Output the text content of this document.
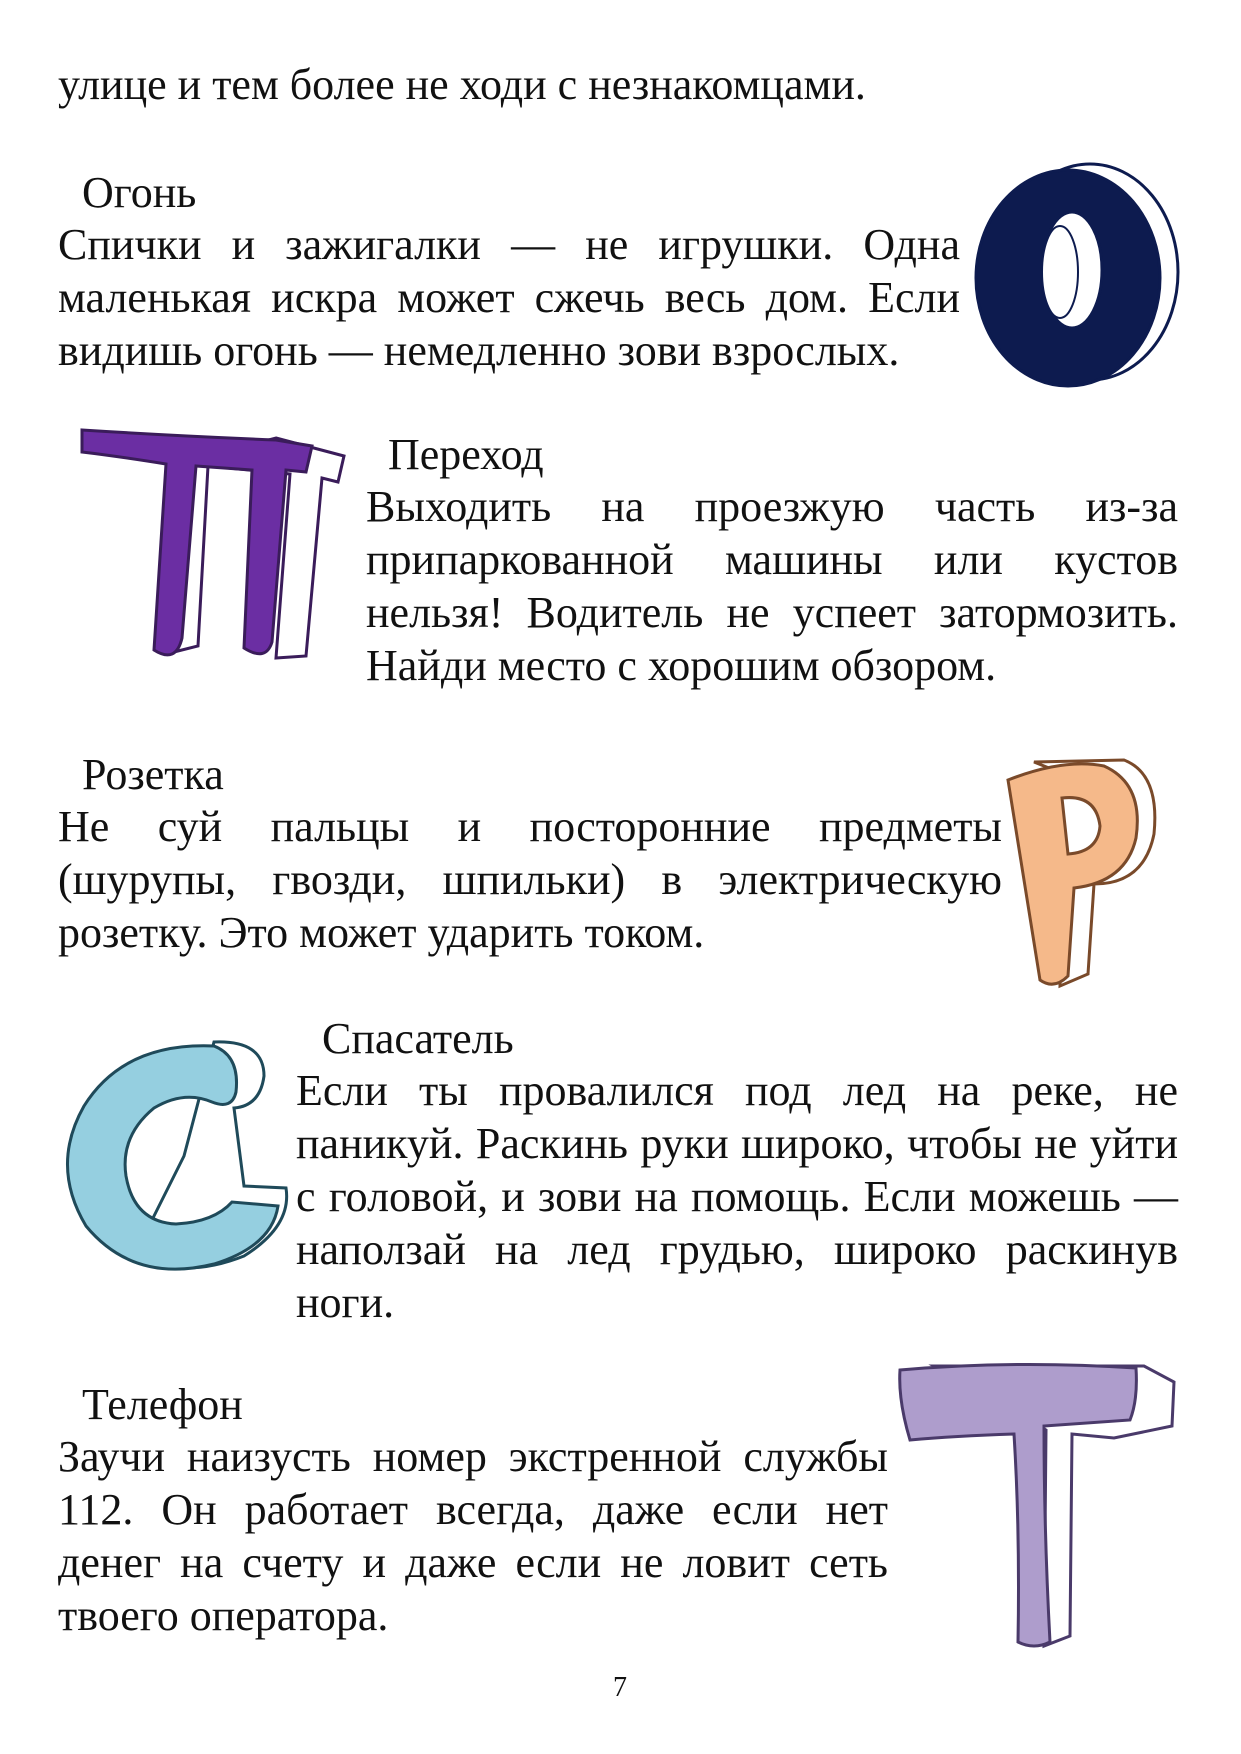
улице и тем более не ходи с незнакомцами.
Огонь
Спички и зажигалки — не игрушки. Одна маленькая искра может сжечь весь дом. Если видишь огонь — немедленно зови взрослых.
Переход
Выходить на проезжую часть из-за припаркованной машины или кустов нельзя! Водитель не успеет затормозить. Найди место с хорошим обзором.
Розетка
Не суй пальцы и посторонние предметы (шурупы, гвозди, шпильки) в электрическую розетку. Это может ударить током.
Спасатель
Если ты провалился под лед на реке, не паникуй. Раскинь руки широко, чтобы не уйти с головой, и зови на помощь. Если можешь — наползай на лед грудью, широко раскинув ноги.
Телефон
Заучи наизусть номер экстренной службы 112. Он работает всегда, даже если нет денег на счету и даже если не ловит сеть твоего оператора.
7
